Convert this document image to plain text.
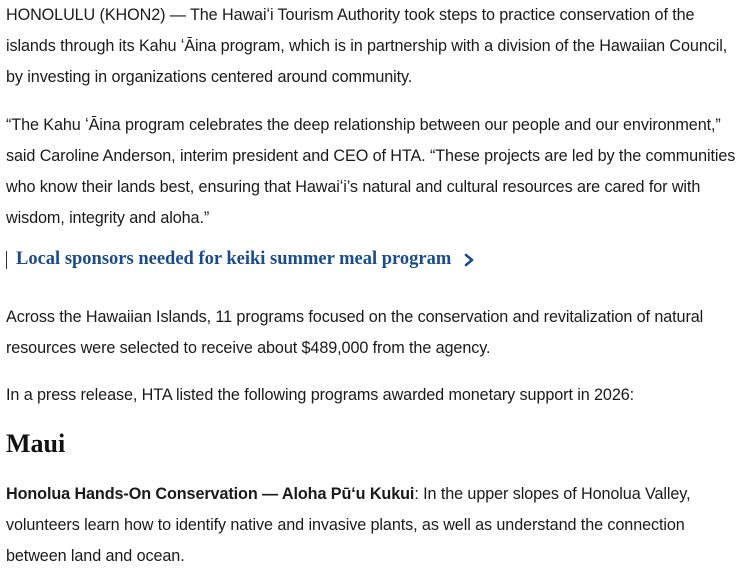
HONOLULU (KHON2) — The Hawaiʻi Tourism Authority took steps to practice conservation of the islands through its Kahu ʻĀina program, which is in partnership with a division of the Hawaiian Council, by investing in organizations centered around community.

“The Kahu ʻĀina program celebrates the deep relationship between our people and our environment,” said Caroline Anderson, interim president and CEO of HTA. “These projects are led by the communities who know their lands best, ensuring that Hawaiʻi’s natural and cultural resources are cared for with wisdom, integrity and aloha.”

Local sponsors needed for keiki summer meal program

Across the Hawaiian Islands, 11 programs focused on the conservation and revitalization of natural resources were selected to receive about $489,000 from the agency.

In a press release, HTA listed the following programs awarded monetary support in 2026:

Maui

Honolua Hands-On Conservation — Aloha Pūʻu Kukui: In the upper slopes of Honolua Valley, volunteers learn how to identify native and invasive plants, as well as understand the connection between land and ocean.
